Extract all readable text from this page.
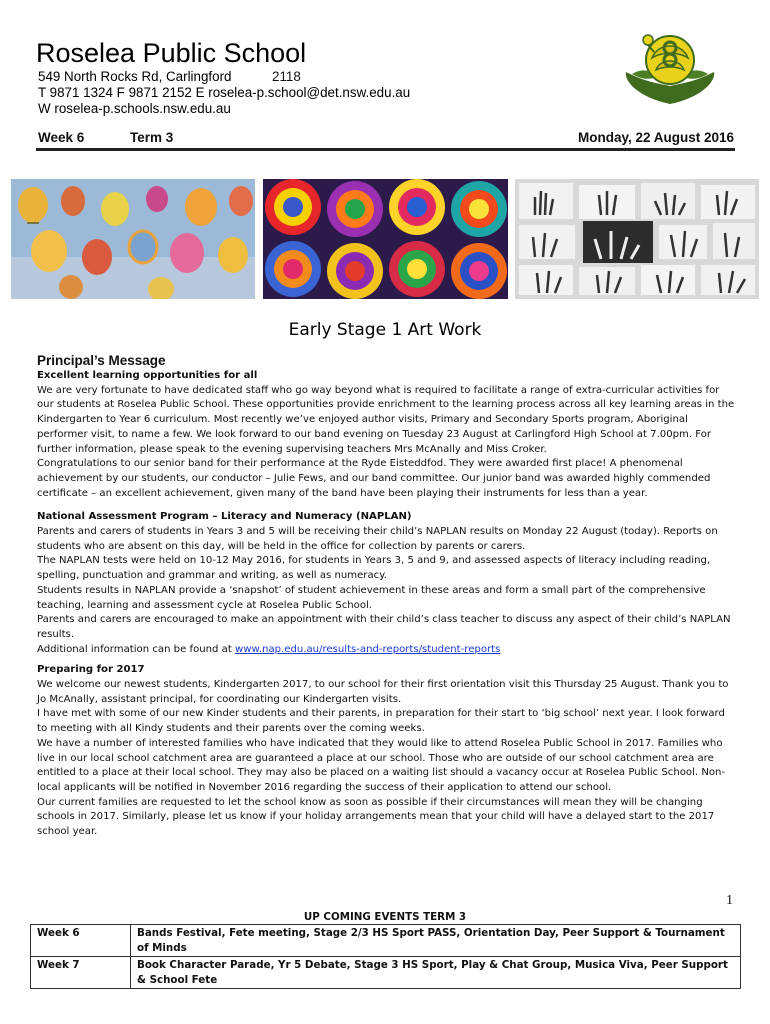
Roselea Public School
549 North Rocks Rd, Carlingford	2118
T 9871 1324 F 9871 2152 E roselea-p.school@det.nsw.edu.au
W roselea-p.schools.nsw.edu.au
Week 6	Term 3	Monday, 22 August 2016
Early Stage 1 Art Work
Principal’s Message

Excellent learning opportunities for all

We are very fortunate to have dedicated staff who go way beyond what is required to facilitate a range of extra-curricular activities for our students at Roselea Public School. These opportunities provide enrichment to the learning process across all key learning areas in the Kindergarten to Year 6 curriculum. Most recently we’ve enjoyed author visits, Primary and Secondary Sports program, Aboriginal performer visit, to name a few. We look forward to our band evening on Tuesday 23 August at Carlingford High School at 7.00pm. For further information, please speak to the evening supervising teachers Mrs McAnally and Miss Croker.

Congratulations to our senior band for their performance at the Ryde Eisteddfod. They were awarded first place! A phenomenal achievement by our students, our conductor – Julie Fews, and our band committee. Our junior band was awarded highly commended certificate – an excellent achievement, given many of the band have been playing their instruments for less than a year.

National Assessment Program – Literacy and Numeracy (NAPLAN)

Parents and carers of students in Years 3 and 5 will be receiving their child’s NAPLAN results on Monday 22 August (today). Reports on students who are absent on this day, will be held in the office for collection by parents or carers.

The NAPLAN tests were held on 10-12 May 2016, for students in Years 3, 5 and 9, and assessed aspects of literacy including reading, spelling, punctuation and grammar and writing, as well as numeracy.

Students results in NAPLAN provide a ‘snapshot’ of student achievement in these areas and form a small part of the comprehensive teaching, learning and assessment cycle at Roselea Public School.

Parents and carers are encouraged to make an appointment with their child’s class teacher to discuss any aspect of their child’s NAPLAN results.

Additional information can be found at www.nap.edu.au/results-and-reports/student-reports

Preparing for 2017

We welcome our newest students, Kindergarten 2017, to our school for their first orientation visit this Thursday 25 August. Thank you to Jo McAnally, assistant principal, for coordinating our Kindergarten visits.

I have met with some of our new Kinder students and their parents, in preparation for their start to ‘big school’ next year. I look forward to meeting with all Kindy students and their parents over the coming weeks.

We have a number of interested families who have indicated that they would like to attend Roselea Public School in 2017. Families who live in our local school catchment area are guaranteed a place at our school. Those who are outside of our school catchment area are entitled to a place at their local school. They may also be placed on a waiting list should a vacancy occur at Roselea Public School. Non-local applicants will be notified in November 2016 regarding the success of their application to attend our school.

Our current families are requested to let the school know as soon as possible if their circumstances will mean they will be changing schools in 2017. Similarly, please let us know if your holiday arrangements mean that your child will have a delayed start to the 2017 school year.

1
UP COMING EVENTS TERM 3
Week 6	Bands Festival, Fete meeting, Stage 2/3 HS Sport PASS, Orientation Day, Peer Support & Tournament of Minds
Week 7	Book Character Parade, Yr 5 Debate, Stage 3 HS Sport, Play & Chat Group, Musica Viva, Peer Support & School Fete
